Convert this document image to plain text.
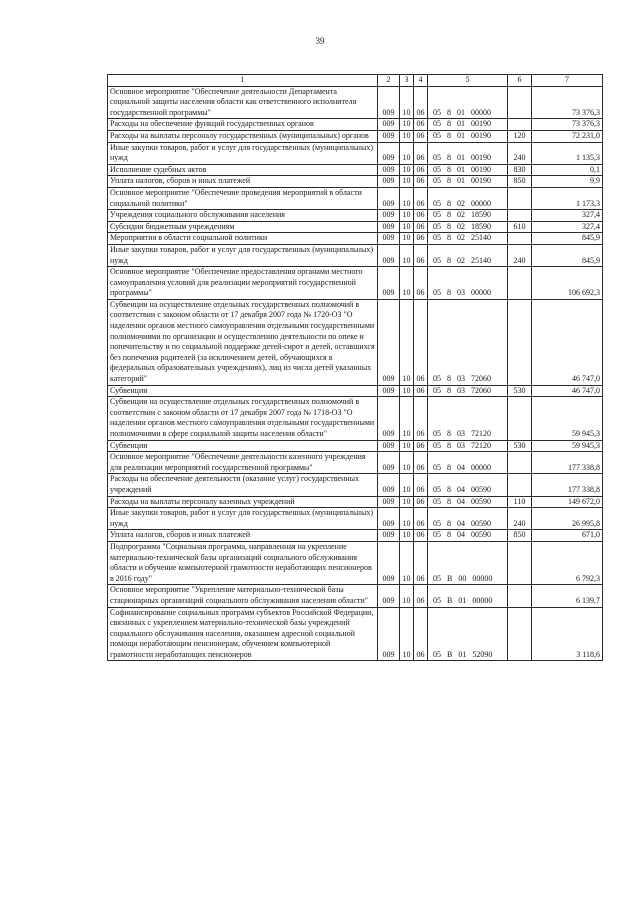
39
1	2	3	4	5	6	7
Основное мероприятие "Обеспечение деятельности Департамента социальной защиты населения области как ответственного исполнителя государственной программы"	009	10	06	05  8  01  00000		73 376,3
Расходы на обеспечение функций государственных органов	009	10	06	05  8  01  00190		73 376,3
Расходы на выплаты персоналу государственных (муниципальных) органов	009	10	06	05  8  01  00190	120	72 231,0
Иные закупки товаров, работ и услуг для государственных (муниципальных) нужд	009	10	06	05  8  01  00190	240	1 135,3
Исполнение судебных актов	009	10	06	05  8  01  00190	830	0,1
Уплата налогов, сборов и иных платежей	009	10	06	05  8  01  00190	850	9,9
Основное мероприятие "Обеспечение проведения мероприятий в области социальной политики"	009	10	06	05  8  02  00000		1 173,3
Учреждения социального обслуживания населения	009	10	06	05  8  02  18590		327,4
Субсидии бюджетным учреждениям	009	10	06	05  8  02  18590	610	327,4
Мероприятия в области социальной политики	009	10	06	05  8  02  25140		845,9
Иные закупки товаров, работ и услуг для государственных (муниципальных) нужд	009	10	06	05  8  02  25140	240	845,9
Основное мероприятие "Обеспечение предоставления органами местного самоуправления условий для реализации мероприятий государственной программы"	009	10	06	05  8  03  00000		106 692,3
Субвенции на осуществление отдельных государственных полномочий в соответствии с законом области от 17 декабря 2007 года № 1720-ОЗ "О наделении органов местного самоуправления отдельными государственными полномочиями по организации и осуществлению деятельности по опеке и попечительству и по социальной поддержке детей-сирот и детей, оставшихся без попечения родителей (за исключением детей, обучающихся в федеральных образовательных учреждениях), лиц из числа детей указанных категорий"	009	10	06	05  8  03  72060		46 747,0
Субвенции	009	10	06	05  8  03  72060	530	46 747,0
Субвенции на осуществление отдельных государственных полномочий в соответствии с законом области от 17 декабря 2007 года № 1718-ОЗ "О наделении органов местного самоуправления отдельными государственными полномочиями в сфере социальной защиты населения области"	009	10	06	05  8  03  72120		59 945,3
Субвенции	009	10	06	05  8  03  72120	530	59 945,3
Основное мероприятие "Обеспечение деятельности казенного учреждения для реализации мероприятий государственной программы"	009	10	06	05  8  04  00000		177 338,8
Расходы на обеспечение деятельности (оказание услуг) государственных учреждений	009	10	06	05  8  04  00590		177 338,8
Расходы на выплаты персоналу казенных учреждений	009	10	06	05  8  04  00590	110	149 672,0
Иные закупки товаров, работ и услуг для государственных (муниципальных) нужд	009	10	06	05  8  04  00590	240	26 995,8
Уплата налогов, сборов и иных платежей	009	10	06	05  8  04  00590	850	671,0
Подпрограмма "Социальная программа, направленная на укрепление материально-технической базы организаций социального обслуживания области и обучение компьютерной грамотности неработающих пенсионеров в 2016 году"	009	10	06	05  В  00  00000		6 792,3
Основное мероприятие "Укрепление материально-технической базы стационарных организаций социального обслуживания населения области"	009	10	06	05  В  01  00000		6 139,7
Софинансирование социальных программ субъектов Российской Федерации, связанных с укреплением материально-технической базы учреждений социального обслуживания населения, оказанием адресной социальной помощи неработающим пенсионерам, обучением компьютерной грамотности неработающих пенсионеров	009	10	06	05  В  01  52090		3 118,6
